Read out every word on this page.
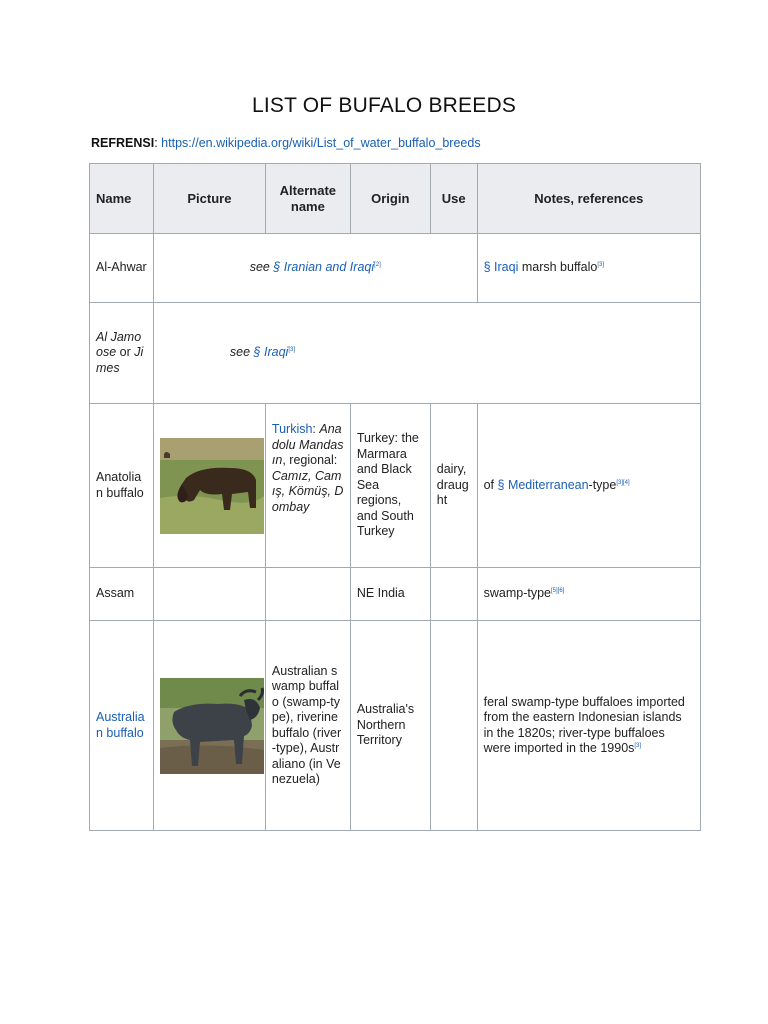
LIST OF BUFALO BREEDS
REFRENSI: https://en.wikipedia.org/wiki/List_of_water_buffalo_breeds
Name	Picture	Alternate name	Origin	Use	Notes, references
Al-Ahwar	see § Iranian and Iraqi[2]				§ Iraqi marsh buffalo[3]
Al Jamoose or Jimes	see § Iraqi[3]
Anatolian buffalo		Turkish: Anadolu Mandasın, regional: Camız, Camış, Kömüş, Dombay	Turkey: the Marmara and Black Sea regions, and South Turkey	dairy, draught	of § Mediterranean-type[3][4]
Assam			NE India		swamp-type[5][6]
Australian buffalo		Australian swamp buffalo (swamp-type), riverine buffalo (river-type), Australiano (in Venezuela)	Australia's Northern Territory		feral swamp-type buffaloes imported from the eastern Indonesian islands in the 1820s; river-type buffaloes were imported in the 1990s[3]
